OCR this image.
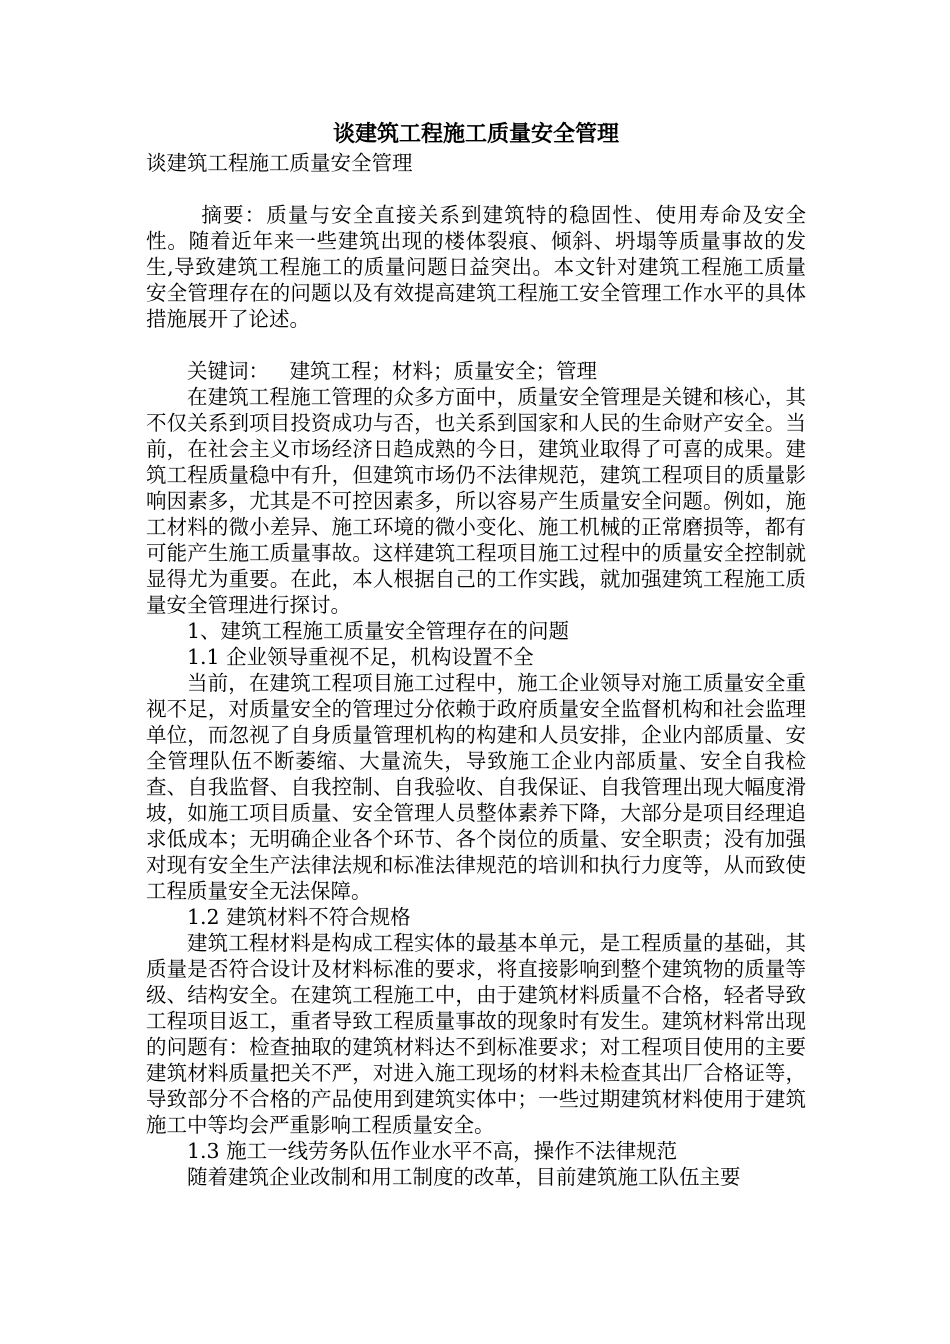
谈建筑工程施工质量安全管理

谈建筑工程施工质量安全管理

摘要：质量与安全直接关系到建筑特的稳固性、使用寿命及安全性。随着近年来一些建筑出现的楼体裂痕、倾斜、坍塌等质量事故的发生,导致建筑工程施工的质量问题日益突出。本文针对建筑工程施工质量安全管理存在的问题以及有效提高建筑工程施工安全管理工作水平的具体措施展开了论述。

关键词： 建筑工程；材料；质量安全；管理

在建筑工程施工管理的众多方面中，质量安全管理是关键和核心，其不仅关系到项目投资成功与否，也关系到国家和人民的生命财产安全。当前，在社会主义市场经济日趋成熟的今日，建筑业取得了可喜的成果。建筑工程质量稳中有升，但建筑市场仍不法律规范，建筑工程项目的质量影响因素多，尤其是不可控因素多，所以容易产生质量安全问题。例如，施工材料的微小差异、施工环境的微小变化、施工机械的正常磨损等，都有可能产生施工质量事故。这样建筑工程项目施工过程中的质量安全控制就显得尤为重要。在此，本人根据自己的工作实践，就加强建筑工程施工质量安全管理进行探讨。

1、建筑工程施工质量安全管理存在的问题

1.1 企业领导重视不足，机构设置不全

当前，在建筑工程项目施工过程中，施工企业领导对施工质量安全重视不足，对质量安全的管理过分依赖于政府质量安全监督机构和社会监理单位，而忽视了自身质量管理机构的构建和人员安排，企业内部质量、安全管理队伍不断萎缩、大量流失，导致施工企业内部质量、安全自我检查、自我监督、自我控制、自我验收、自我保证、自我管理出现大幅度滑坡，如施工项目质量、安全管理人员整体素养下降，大部分是项目经理追求低成本；无明确企业各个环节、各个岗位的质量、安全职责；没有加强对现有安全生产法律法规和标准法律规范的培训和执行力度等，从而致使工程质量安全无法保障。

1.2 建筑材料不符合规格

建筑工程材料是构成工程实体的最基本单元，是工程质量的基础，其质量是否符合设计及材料标准的要求，将直接影响到整个建筑物的质量等级、结构安全。在建筑工程施工中，由于建筑材料质量不合格，轻者导致工程项目返工，重者导致工程质量事故的现象时有发生。建筑材料常出现的问题有：检查抽取的建筑材料达不到标准要求；对工程项目使用的主要建筑材料质量把关不严，对进入施工现场的材料未检查其出厂合格证等，导致部分不合格的产品使用到建筑实体中；一些过期建筑材料使用于建筑施工中等均会严重影响工程质量安全。

1.3 施工一线劳务队伍作业水平不高，操作不法律规范

随着建筑企业改制和用工制度的改革，目前建筑施工队伍主要
